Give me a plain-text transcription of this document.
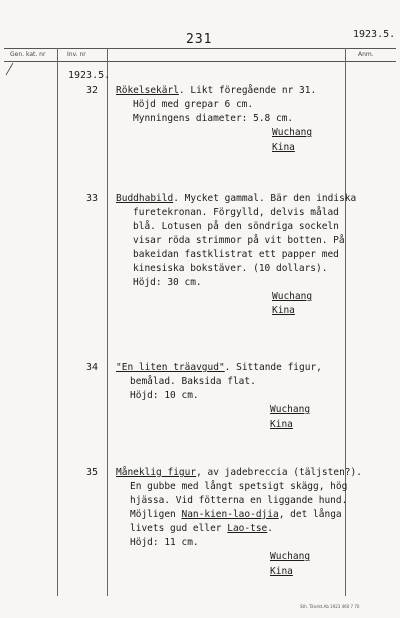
231	1923.5.
Gen. kat. nr	Inv. nr	Anm.
1923.5.
32 Rökelsekärl. Likt föregående nr 31.
Höjd med grepar 6 cm.
Mynningens diameter: 5.8 cm.
Wuchang
Kina
33 Buddhabild. Mycket gammal. Bär den indiska
furetekronan. Förgylld, delvis målad
blå. Lotusen på den söndriga sockeln
visar röda strimmor på vit botten. På
bakeidan fastklistrat ett papper med
kinesiska bokstäver. (10 dollars).
Höjd: 30 cm.
Wuchang
Kina
34 "En liten träavgud". Sittande figur,
bemålad. Baksida flat.
Höjd: 10 cm.
Wuchang
Kina
35 Måneklig figur, av jadebreccia (täljsten?).
En gubbe med långt spetsigt skägg, hög
hjässa. Vid fötterna en liggande hund.
Möjligen Nan-kien-lao-djia, det långa
livets gud eller Lao-tse.
Höjd: 11 cm.
Wuchang
Kina
Sth. Tändst.Ab 1923 460 7 70
